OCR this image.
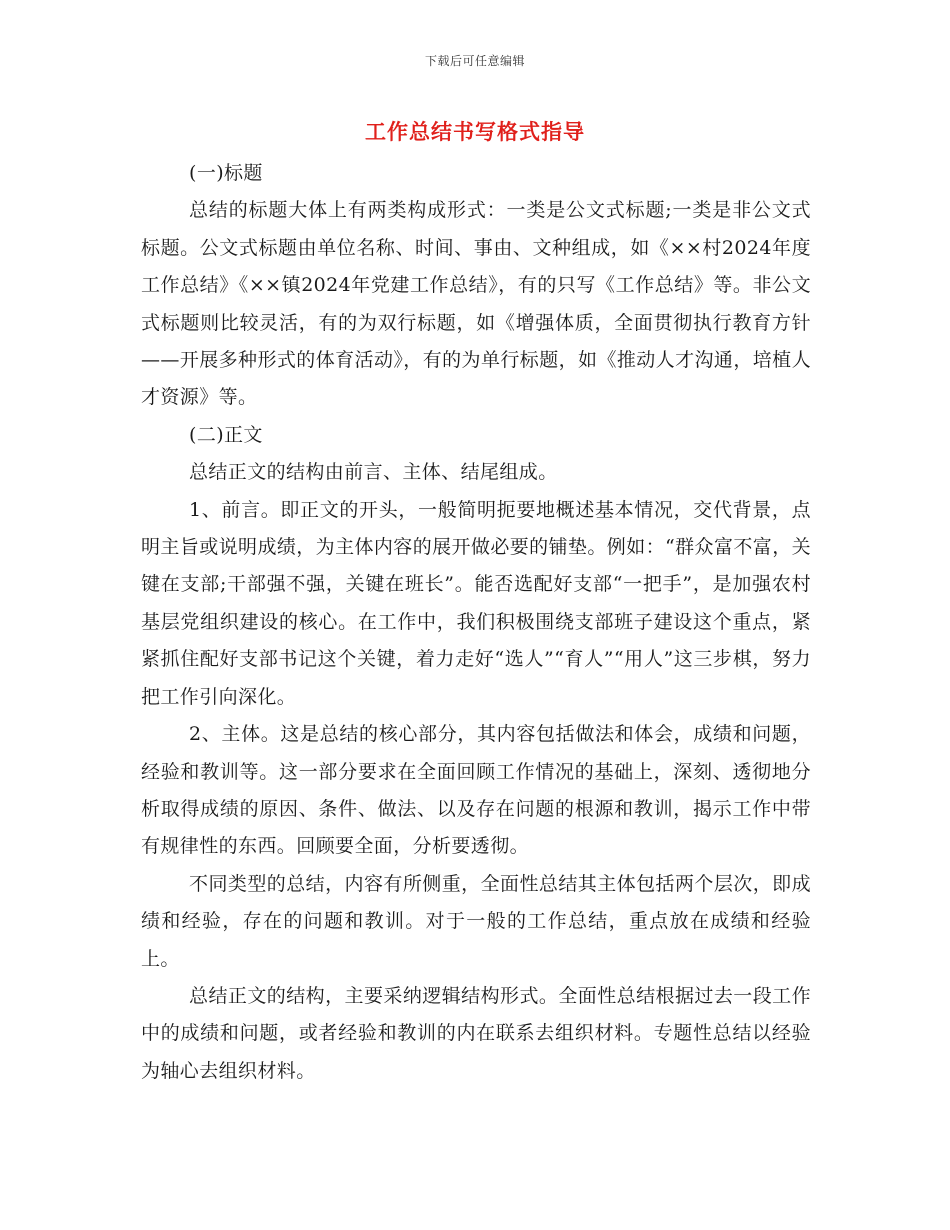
下载后可任意编辑
工作总结书写格式指导

(一)标题

总结的标题大体上有两类构成形式：一类是公文式标题;一类是非公文式标题。公文式标题由单位名称、时间、事由、文种组成，如《××村2024年度工作总结》《××镇2024年党建工作总结》，有的只写《工作总结》等。非公文式标题则比较灵活，有的为双行标题，如《增强体质，全面贯彻执行教育方针——开展多种形式的体育活动》，有的为单行标题，如《推动人才沟通，培植人才资源》等。

(二)正文

总结正文的结构由前言、主体、结尾组成。

1、前言。即正文的开头，一般简明扼要地概述基本情况，交代背景，点明主旨或说明成绩，为主体内容的展开做必要的铺垫。例如：“群众富不富，关键在支部;干部强不强，关键在班长”。能否选配好支部“一把手”，是加强农村基层党组织建设的核心。在工作中，我们积极围绕支部班子建设这个重点，紧紧抓住配好支部书记这个关键，着力走好“选人”“育人”“用人”这三步棋，努力把工作引向深化。

2、主体。这是总结的核心部分，其内容包括做法和体会，成绩和问题，经验和教训等。这一部分要求在全面回顾工作情况的基础上，深刻、透彻地分析取得成绩的原因、条件、做法、以及存在问题的根源和教训，揭示工作中带有规律性的东西。回顾要全面，分析要透彻。

不同类型的总结，内容有所侧重，全面性总结其主体包括两个层次，即成绩和经验，存在的问题和教训。对于一般的工作总结，重点放在成绩和经验上。

总结正文的结构，主要采纳逻辑结构形式。全面性总结根据过去一段工作中的成绩和问题，或者经验和教训的内在联系去组织材料。专题性总结以经验为轴心去组织材料。
